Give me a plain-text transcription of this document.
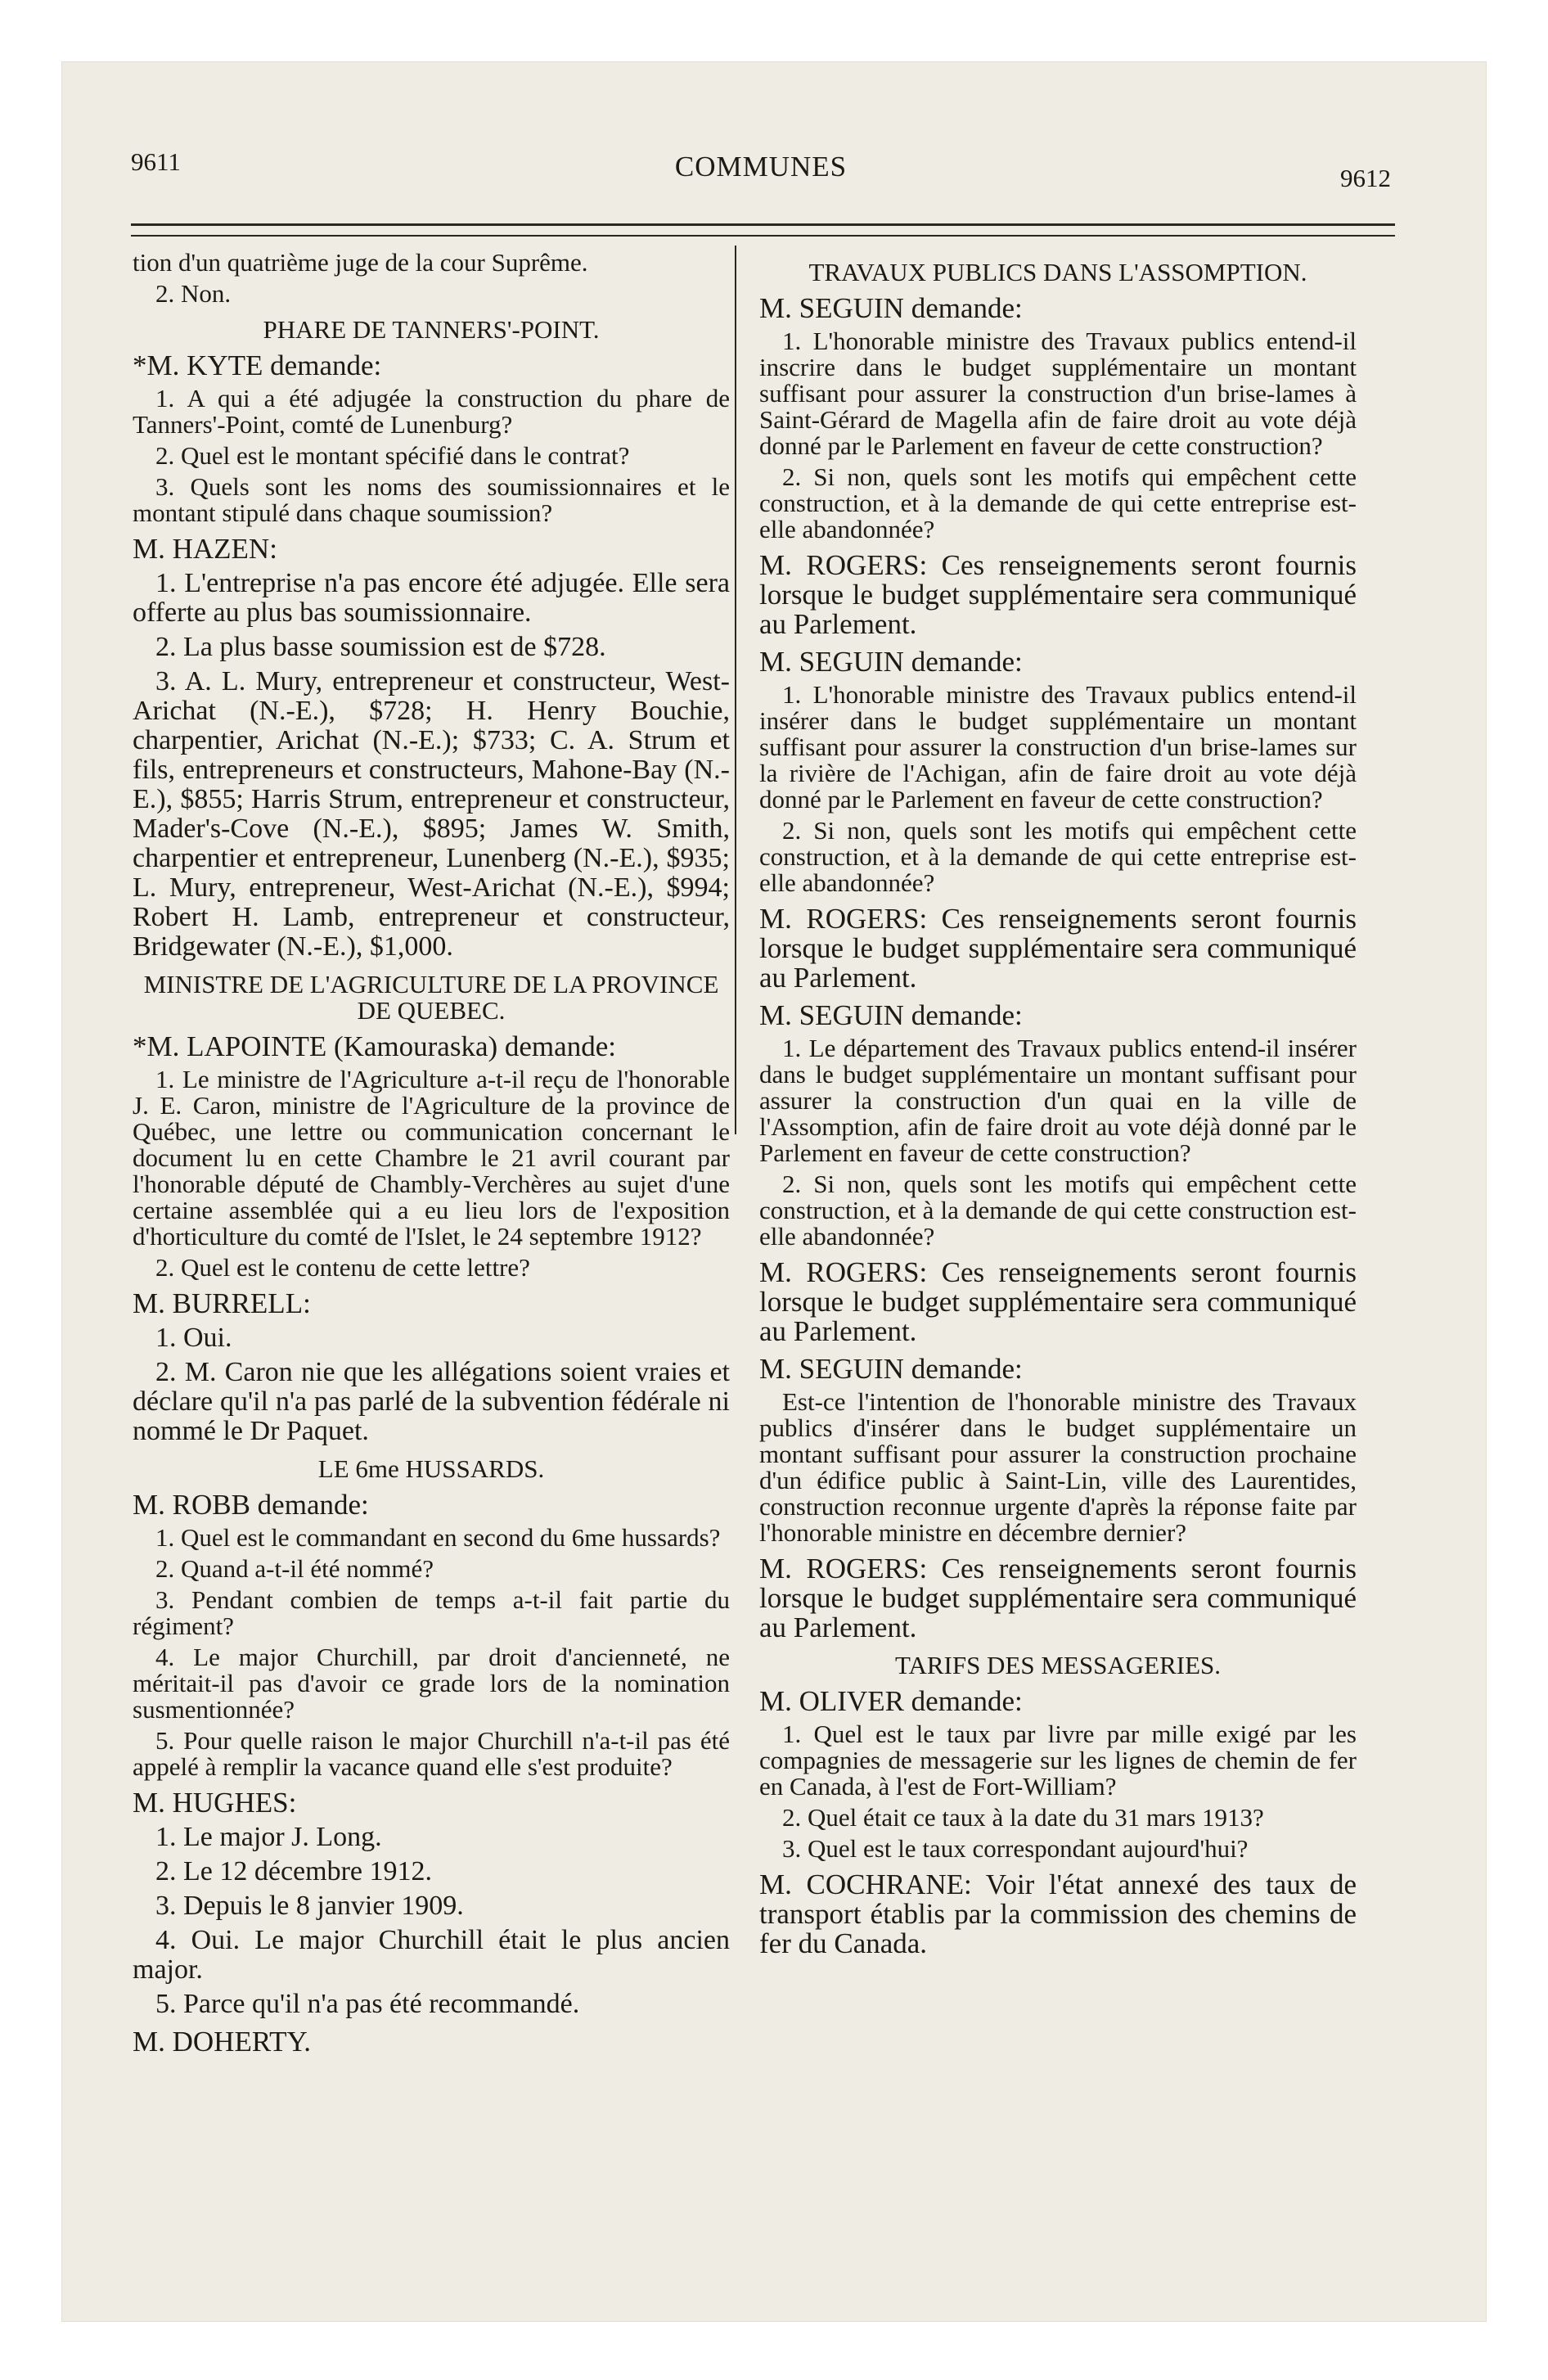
9611	COMMUNES	9612

tion d'un quatrième juge de la cour Suprême.

2. Non.

PHARE DE TANNERS'-POINT.

*M. KYTE demande:

1. A qui a été adjugée la construction du phare de Tanners'-Point, comté de Lunenburg?

2. Quel est le montant spécifié dans le contrat?

3. Quels sont les noms des soumissionnaires et le montant stipulé dans chaque soumission?

M. HAZEN:

1. L'entreprise n'a pas encore été adjugée. Elle sera offerte au plus bas soumissionnaire.

2. La plus basse soumission est de $728.

3. A. L. Mury, entrepreneur et constructeur, West-Arichat (N.-E.), $728; H. Henry Bouchie, charpentier, Arichat (N.-E.); $733; C. A. Strum et fils, entrepreneurs et constructeurs, Mahone-Bay (N.-E.), $855; Harris Strum, entrepreneur et constructeur, Mader's-Cove (N.-E.), $895; James W. Smith, charpentier et entrepreneur, Lunenberg (N.-E.), $935; L. Mury, entrepreneur, West-Arichat (N.-E.), $994; Robert H. Lamb, entrepreneur et constructeur, Bridgewater (N.-E.), $1,000.

MINISTRE DE L'AGRICULTURE DE LA PROVINCE DE QUEBEC.

*M. LAPOINTE (Kamouraska) demande:

1. Le ministre de l'Agriculture a-t-il reçu de l'honorable J. E. Caron, ministre de l'Agriculture de la province de Québec, une lettre ou communication concernant le document lu en cette Chambre le 21 avril courant par l'honorable député de Chambly-Verchères au sujet d'une certaine assemblée qui a eu lieu lors de l'exposition d'horticulture du comté de l'Islet, le 24 septembre 1912?

2. Quel est le contenu de cette lettre?

M. BURRELL:

1. Oui.

2. M. Caron nie que les allégations soient vraies et déclare qu'il n'a pas parlé de la subvention fédérale ni nommé le Dr Paquet.

LE 6me HUSSARDS.

M. ROBB demande:

1. Quel est le commandant en second du 6me hussards?

2. Quand a-t-il été nommé?

3. Pendant combien de temps a-t-il fait partie du régiment?

4. Le major Churchill, par droit d'ancienneté, ne méritait-il pas d'avoir ce grade lors de la nomination susmentionnée?

5. Pour quelle raison le major Churchill n'a-t-il pas été appelé à remplir la vacance quand elle s'est produite?

M. HUGHES:

1. Le major J. Long.

2. Le 12 décembre 1912.

3. Depuis le 8 janvier 1909.

4. Oui. Le major Churchill était le plus ancien major.

5. Parce qu'il n'a pas été recommandé.

M. DOHERTY.

TRAVAUX PUBLICS DANS L'ASSOMPTION.

M. SEGUIN demande:

1. L'honorable ministre des Travaux publics entend-il inscrire dans le budget supplémentaire un montant suffisant pour assurer la construction d'un brise-lames à Saint-Gérard de Magella afin de faire droit au vote déjà donné par le Parlement en faveur de cette construction?

2. Si non, quels sont les motifs qui empêchent cette construction, et à la demande de qui cette entreprise est-elle abandonnée?

M. ROGERS: Ces renseignements seront fournis lorsque le budget supplémentaire sera communiqué au Parlement.

M. SEGUIN demande:

1. L'honorable ministre des Travaux publics entend-il insérer dans le budget supplémentaire un montant suffisant pour assurer la construction d'un brise-lames sur la rivière de l'Achigan, afin de faire droit au vote déjà donné par le Parlement en faveur de cette construction?

2. Si non, quels sont les motifs qui empêchent cette construction, et à la demande de qui cette entreprise est-elle abandonnée?

M. ROGERS: Ces renseignements seront fournis lorsque le budget supplémentaire sera communiqué au Parlement.

M. SEGUIN demande:

1. Le département des Travaux publics entend-il insérer dans le budget supplémentaire un montant suffisant pour assurer la construction d'un quai en la ville de l'Assomption, afin de faire droit au vote déjà donné par le Parlement en faveur de cette construction?

2. Si non, quels sont les motifs qui empêchent cette construction, et à la demande de qui cette construction est-elle abandonnée?

M. ROGERS: Ces renseignements seront fournis lorsque le budget supplémentaire sera communiqué au Parlement.

M. SEGUIN demande:

Est-ce l'intention de l'honorable ministre des Travaux publics d'insérer dans le budget supplémentaire un montant suffisant pour assurer la construction prochaine d'un édifice public à Saint-Lin, ville des Laurentides, construction reconnue urgente d'après la réponse faite par l'honorable ministre en décembre dernier?

M. ROGERS: Ces renseignements seront fournis lorsque le budget supplémentaire sera communiqué au Parlement.

TARIFS DES MESSAGERIES.

M. OLIVER demande:

1. Quel est le taux par livre par mille exigé par les compagnies de messagerie sur les lignes de chemin de fer en Canada, à l'est de Fort-William?

2. Quel était ce taux à la date du 31 mars 1913?

3. Quel est le taux correspondant aujourd'hui?

M. COCHRANE: Voir l'état annexé des taux de transport établis par la commission des chemins de fer du Canada.
